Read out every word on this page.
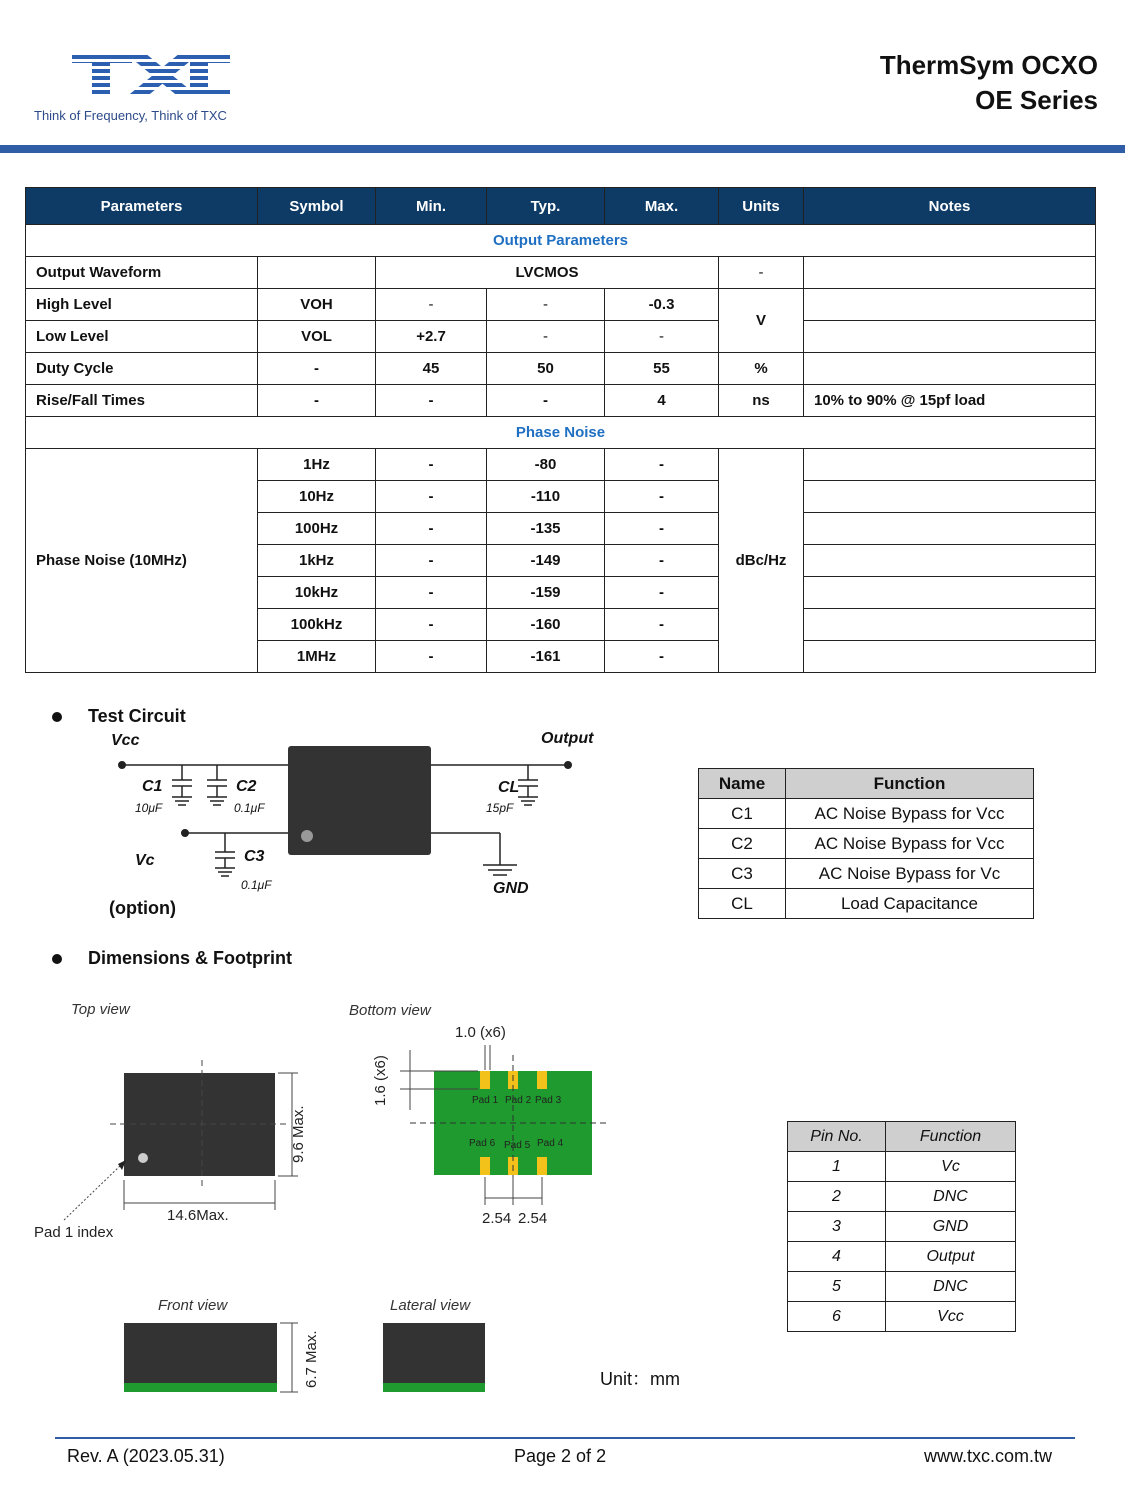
Think of Frequency, Think of TXC
ThermSym OCXO
OE Series
Parameters	Symbol	Min.	Typ.	Max.	Units	Notes
Output Parameters						
Output Waveform		LVCMOS			-	
High Level	VOH	-	-	-0.3	V	
Low Level	VOL	+2.7	-	-		
Duty Cycle	-	45	50	55	%	
Rise/Fall Times	-	-	-	4	ns	10% to 90% @ 15pf load
Phase Noise						
Phase Noise (10MHz)	1Hz	-	-80	-	dBc/Hz	
	10Hz	-	-110	-		
	100Hz	-	-135	-		
	1kHz	-	-149	-		
	10kHz	-	-159	-		
	100kHz	-	-160	-		
	1MHz	-	-161	-		
Test Circuit
Vcc	Output
Vc
GND
(option)
C1
10μF
C2
0.1μF
C3
0.1μF
CL
15pF
Name	Function
C1	AC Noise Bypass for Vcc
C2	AC Noise Bypass for Vcc
C3	AC Noise Bypass for Vc
CL	Load Capacitance
Dimensions & Footprint
Top view	Bottom view
Front view	Lateral view
14.6Max.
9.6 Max.
Pad 1 index
1.0 (x6)
1.6 (x6)
2.54 2.54
Pad 1 Pad 2 Pad 3
Pad 6 Pad 5 Pad 4
6.7 Max.	Unit：mm
Pin No.	Function
1	Vc
2	DNC
3	GND
4	Output
5	DNC
6	Vcc
Rev. A (2023.05.31)	Page 2 of 2	www.txc.com.tw
